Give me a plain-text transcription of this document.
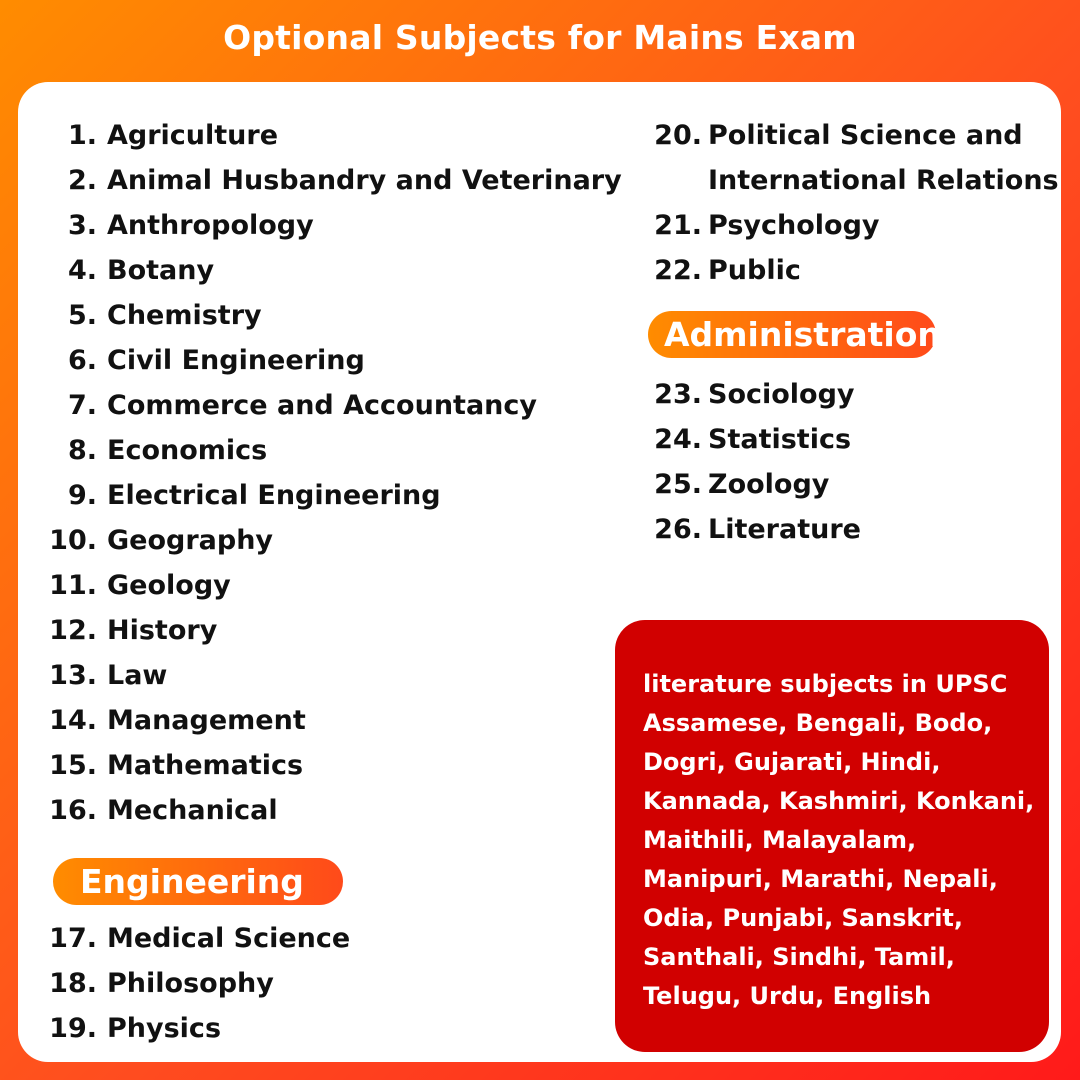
Optional Subjects for Mains Exam
1. Agriculture
2. Animal Husbandry and Veterinary
3. Anthropology
4. Botany
5. Chemistry
6. Civil Engineering
7. Commerce and Accountancy
8. Economics
9. Electrical Engineering
10. Geography
11. Geology
12. History
13. Law
14. Management
15. Mathematics
16. Mechanical
Engineering
17. Medical Science
18. Philosophy
19. Physics
20. Political Science and
International Relations
21. Psychology
22. Public
Administration
23. Sociology
24. Statistics
25. Zoology
26. Literature
literature subjects in UPSC
Assamese, Bengali, Bodo,
Dogri, Gujarati, Hindi,
Kannada, Kashmiri, Konkani,
Maithili, Malayalam,
Manipuri, Marathi, Nepali,
Odia, Punjabi, Sanskrit,
Santhali, Sindhi, Tamil,
Telugu, Urdu, English
